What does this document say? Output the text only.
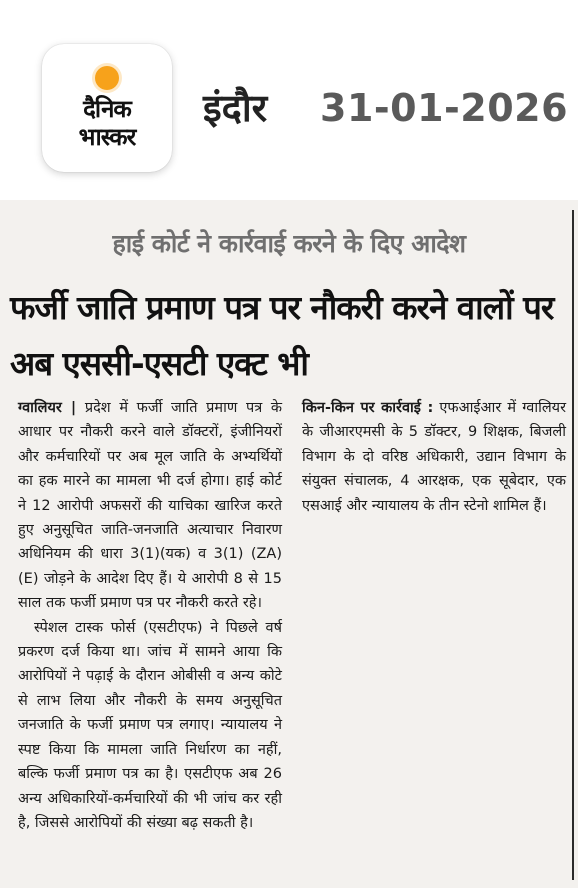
दैनिक
भास्कर
इंदौर 31-01-2026
हाई कोर्ट ने कार्रवाई करने के दिए आदेश
फर्जी जाति प्रमाण पत्र पर नौकरी करने वालों पर अब एससी-एसटी एक्ट भी

ग्वालियर | प्रदेश में फर्जी जाति प्रमाण पत्र के आधार पर नौकरी करने वाले डॉक्टरों, इंजीनियरों और कर्मचारियों पर अब मूल जाति के अभ्यर्थियों का हक मारने का मामला भी दर्ज होगा। हाई कोर्ट ने 12 आरोपी अफसरों की याचिका खारिज करते हुए अनुसूचित जाति-जनजाति अत्याचार निवारण अधिनियम की धारा 3(1)(यक) व 3(1) (ZA) (E) जोड़ने के आदेश दिए हैं। ये आरोपी 8 से 15 साल तक फर्जी प्रमाण पत्र पर नौकरी करते रहे।

स्पेशल टास्क फोर्स (एसटीएफ) ने पिछले वर्ष प्रकरण दर्ज किया था। जांच में सामने आया कि आरोपियों ने पढ़ाई के दौरान ओबीसी व अन्य कोटे से लाभ लिया और नौकरी के समय अनुसूचित जनजाति के फर्जी प्रमाण पत्र लगाए। न्यायालय ने स्पष्ट किया कि मामला जाति निर्धारण का नहीं, बल्कि फर्जी प्रमाण पत्र का है। एसटीएफ अब 26 अन्य अधिकारियों-कर्मचारियों की भी जांच कर रही है, जिससे आरोपियों की संख्या बढ़ सकती है।

किन-किन पर कार्रवाई : एफआईआर में ग्वालियर के जीआरएमसी के 5 डॉक्टर, 9 शिक्षक, बिजली विभाग के दो वरिष्ठ अधिकारी, उद्यान विभाग के संयुक्त संचालक, 4 आरक्षक, एक सूबेदार, एक एसआई और न्यायालय के तीन स्टेनो शामिल हैं।
